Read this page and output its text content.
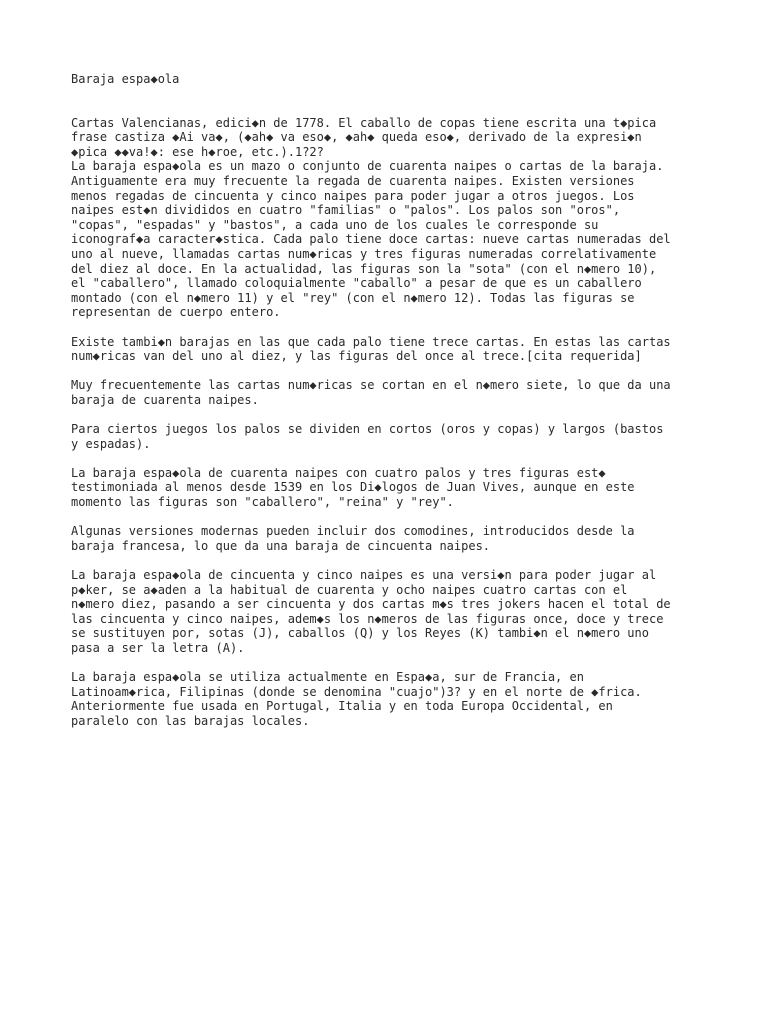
Baraja espa◆ola
Cartas Valencianas, edici◆n de 1778. El caballo de copas tiene escrita una t◆pica
frase castiza ◆Ai va◆, (◆ah◆ va eso◆, ◆ah◆ queda eso◆, derivado de la expresi◆n
◆pica ◆◆va!◆: ese h◆roe, etc.).1?2?
La baraja espa◆ola es un mazo o conjunto de cuarenta naipes o cartas de la baraja.
Antiguamente era muy frecuente la regada de cuarenta naipes. Existen versiones
menos regadas de cincuenta y cinco naipes para poder jugar a otros juegos. Los
naipes est◆n divididos en cuatro "familias" o "palos". Los palos son "oros",
"copas", "espadas" y "bastos", a cada uno de los cuales le corresponde su
iconograf◆a caracter◆stica. Cada palo tiene doce cartas: nueve cartas numeradas del
uno al nueve, llamadas cartas num◆ricas y tres figuras numeradas correlativamente
del diez al doce. En la actualidad, las figuras son la "sota" (con el n◆mero 10),
el "caballero", llamado coloquialmente "caballo" a pesar de que es un caballero
montado (con el n◆mero 11) y el "rey" (con el n◆mero 12). Todas las figuras se
representan de cuerpo entero.
Existe tambi◆n barajas en las que cada palo tiene trece cartas. En estas las cartas
num◆ricas van del uno al diez, y las figuras del once al trece.[cita requerida]
Muy frecuentemente las cartas num◆ricas se cortan en el n◆mero siete, lo que da una
baraja de cuarenta naipes.
Para ciertos juegos los palos se dividen en cortos (oros y copas) y largos (bastos
y espadas).
La baraja espa◆ola de cuarenta naipes con cuatro palos y tres figuras est◆
testimoniada al menos desde 1539 en los Di◆logos de Juan Vives, aunque en este
momento las figuras son "caballero", "reina" y "rey".
Algunas versiones modernas pueden incluir dos comodines, introducidos desde la
baraja francesa, lo que da una baraja de cincuenta naipes.
La baraja espa◆ola de cincuenta y cinco naipes es una versi◆n para poder jugar al
p◆ker, se a◆aden a la habitual de cuarenta y ocho naipes cuatro cartas con el
n◆mero diez, pasando a ser cincuenta y dos cartas m◆s tres jokers hacen el total de
las cincuenta y cinco naipes, adem◆s los n◆meros de las figuras once, doce y trece
se sustituyen por, sotas (J), caballos (Q) y los Reyes (K) tambi◆n el n◆mero uno
pasa a ser la letra (A).
La baraja espa◆ola se utiliza actualmente en Espa◆a, sur de Francia, en
Latinoam◆rica, Filipinas (donde se denomina "cuajo")3? y en el norte de ◆frica.
Anteriormente fue usada en Portugal, Italia y en toda Europa Occidental, en
paralelo con las barajas locales.
